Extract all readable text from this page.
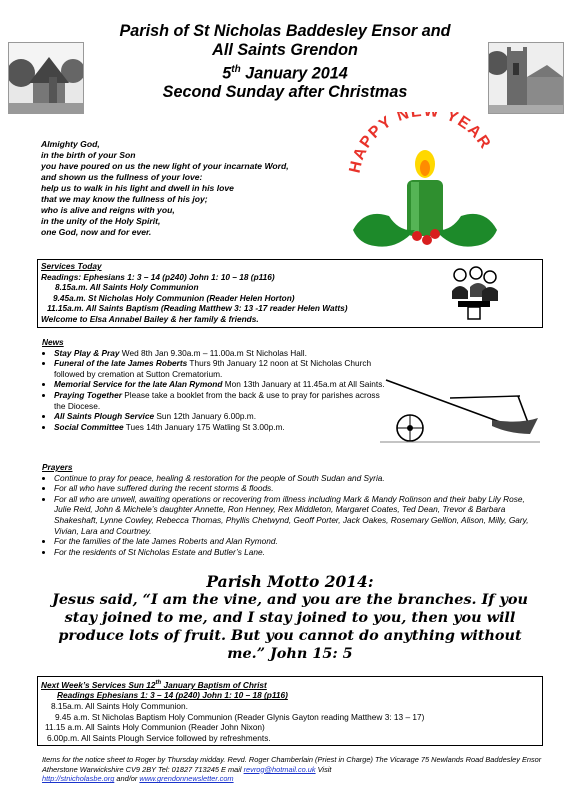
Parish of St Nicholas Baddesley Ensor and
All Saints Grendon
5th January 2014
Second Sunday after Christmas
Almighty God,
in the birth of your Son
you have poured on us the new light of your incarnate Word,
and shown us the fullness of your love:
help us to walk in his light and dwell in his love
that we may know the fullness of his joy;
who is alive and reigns with you,
in the unity of the Holy Spirit,
one God, now and for ever.
HAPPY N YEAR
Services Today
Readings: Ephesians 1: 3 – 14 (p240) John 1: 10 – 18 (p116)
8.15a.m. All Saints Holy Communion
9.45a.m. St Nicholas Holy Communion (Reader Helen Horton)
11.15a.m. All Saints Baptism (Reading Matthew 3: 13 -17 reader Helen Watts)
Welcome to Elsa Annabel Bailey & her family & friends.
News
• Stay Play & Pray Wed 8th Jan 9.30a.m – 11.00a.m St Nicholas Hall.
• Funeral of the late James Roberts Thurs 9th January 12 noon at St Nicholas Church followed by cremation at Sutton Crematorium.
• Memorial Service for the late Alan Rymond Mon 13th January at 11.45a.m at All Saints.
• Praying Together Please take a booklet from the back & use to pray for parishes across the Diocese.
• All Saints Plough Service Sun 12th January 6.00p.m.
• Social Committee Tues 14th January 175 Watling St 3.00p.m.
Prayers
• Continue to pray for peace, healing & restoration for the people of South Sudan and Syria.
• For all who have suffered during the recent storms & floods.
• For all who are unwell, awaiting operations or recovering from illness including Mark & Mandy Rolinson and their baby Lily Rose, Julie Reid, John & Michele’s daughter Annette, Ron Henney, Rex Middleton, Margaret Coates, Ted Dean, Trevor & Barbara Shakeshaft, Lynne Cowley, Rebecca Thomas, Phyllis Chetwynd, Geoff Porter, Jack Oakes, Rosemary Gellion, Alison, Milly, Gary, Vivian, Lara and Courtney.
• For the families of the late James Roberts and Alan Rymond.
• For the residents of St Nicholas Estate and Butler’s Lane.
Parish Motto 2014:
Jesus said, “I am the vine, and you are the branches. If you stay joined to me, and I stay joined to you, then you will produce lots of fruit. But you cannot do anything without me.” John 15: 5
Next Week’s Services Sun 12th January Baptism of Christ
Readings Ephesians 1: 3 – 14 (p240) John 1: 10 – 18 (p116)
8.15a.m. All Saints Holy Communion.
9.45 a.m. St Nicholas Baptism Holy Communion (Reader Glynis Gayton reading Matthew 3: 13 – 17)
11.15 a.m. All Saints Holy Communion (Reader John Nixon)
6.00p.m. All Saints Plough Service followed by refreshments.
Items for the notice sheet to Roger by Thursday midday. Revd. Roger Chamberlain (Priest in Charge) The Vicarage 75 Newlands Road Baddesley Ensor Atherstone Warwickshire CV9 2BY Tel: 01827 713245 E mail revrog@hotmail.co.uk Visit
http://stnicholasbe.org and/or www.grendonnewsletter.com
